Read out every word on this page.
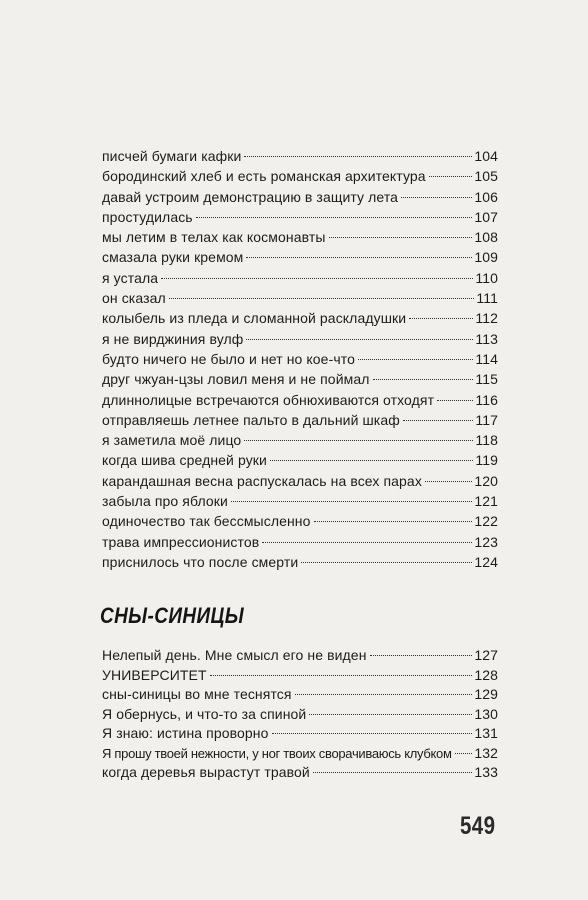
писчей бумаги кафки	104
бородинский хлеб и есть романская архитектура	105
давай устроим демонстрацию в защиту лета	106
простудилась	107
мы летим в телах как космонавты	108
смазала руки кремом	109
я устала	110
он сказал	111
колыбель из пледа и сломанной раскладушки	112
я не вирджиния вулф	113
будто ничего не было и нет но кое-что	114
друг чжуан-цзы ловил меня и не поймал	115
длиннолицые встречаются обнюхиваются отходят	116
отправляешь летнее пальто в дальний шкаф	117
я заметила моё лицо	118
когда шива средней руки	119
карандашная весна распускалась на всех парах	120
забыла про яблоки	121
одиночество так бессмысленно	122
трава импрессионистов	123
приснилось что после смерти	124
СНЫ-СИНИЦЫ
Нелепый день. Мне смысл его не виден	127
УНИВЕРСИТЕТ	128
сны-синицы во мне теснятся	129
Я обернусь, и что-то за спиной	130
Я знаю: истина проворно	131
Я прошу твоей нежности, у ног твоих сворачиваюсь клубком 132
когда деревья вырастут травой	133
549
